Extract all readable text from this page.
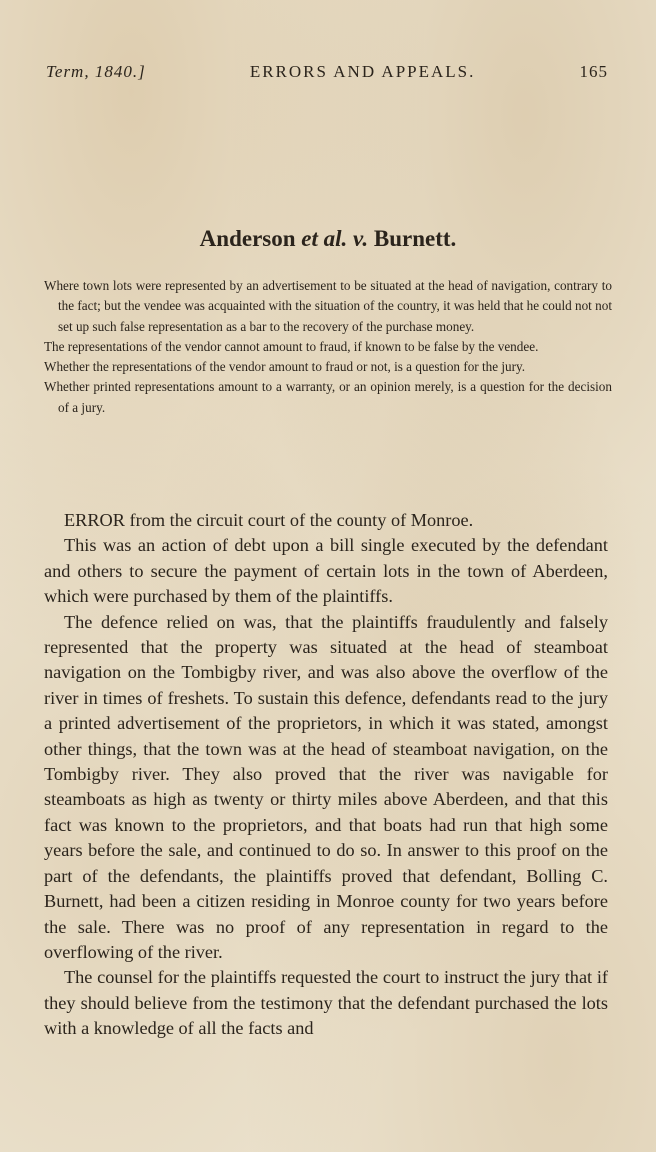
Term, 1840.]	ERRORS AND APPEALS.	165
Anderson et al. v. Burnett.

Where town lots were represented by an advertisement to be situated at the head of navigation, contrary to the fact; but the vendee was acquainted with the situation of the country, it was held that he could not not set up such false representation as a bar to the recovery of the purchase money.

The representations of the vendor cannot amount to fraud, if known to be false by the vendee.

Whether the representations of the vendor amount to fraud or not, is a question for the jury.

Whether printed representations amount to a warranty, or an opinion merely, is a question for the decision of a jury.

ERROR from the circuit court of the county of Monroe.

This was an action of debt upon a bill single executed by the defendant and others to secure the payment of certain lots in the town of Aberdeen, which were purchased by them of the plaintiffs.

The defence relied on was, that the plaintiffs fraudulently and falsely represented that the property was situated at the head of steamboat navigation on the Tombigby river, and was also above the overflow of the river in times of freshets. To sustain this defence, defendants read to the jury a printed advertisement of the proprietors, in which it was stated, amongst other things, that the town was at the head of steamboat navigation, on the Tombigby river. They also proved that the river was navigable for steamboats as high as twenty or thirty miles above Aberdeen, and that this fact was known to the proprietors, and that boats had run that high some years before the sale, and continued to do so. In answer to this proof on the part of the defendants, the plaintiffs proved that defendant, Bolling C. Burnett, had been a citizen residing in Monroe county for two years before the sale. There was no proof of any representation in regard to the overflowing of the river.

The counsel for the plaintiffs requested the court to instruct the jury that if they should believe from the testimony that the defendant purchased the lots with a knowledge of all the facts and
